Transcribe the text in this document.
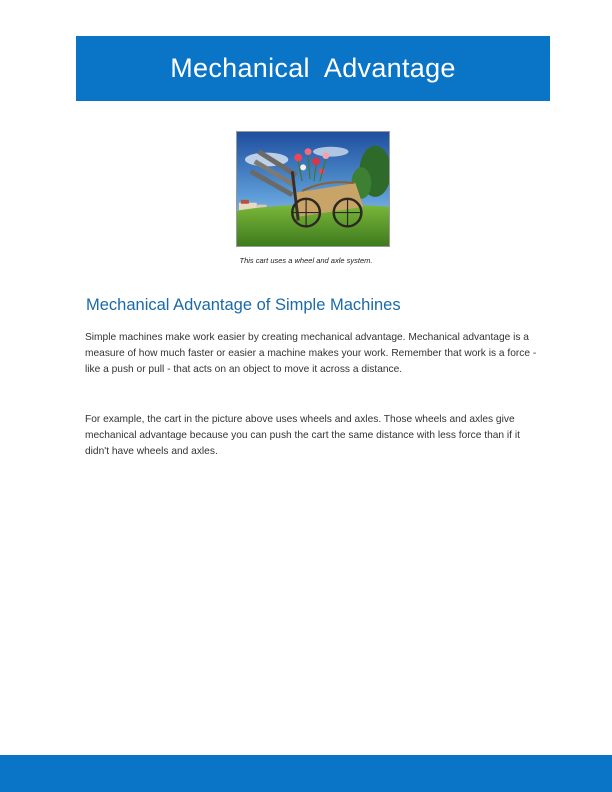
Mechanical  Advantage
This cart uses a wheel and axle system.
Mechanical Advantage of Simple Machines

Simple machines make work easier by creating mechanical advantage. Mechanical advantage is a measure of how much faster or easier a machine makes your work. Remember that work is a force - like a push or pull - that acts on an object to move it across a distance.

For example, the cart in the picture above uses wheels and axles. Those wheels and axles give mechanical advantage because you can push the cart the same distance with less force than if it didn't have wheels and axles.
